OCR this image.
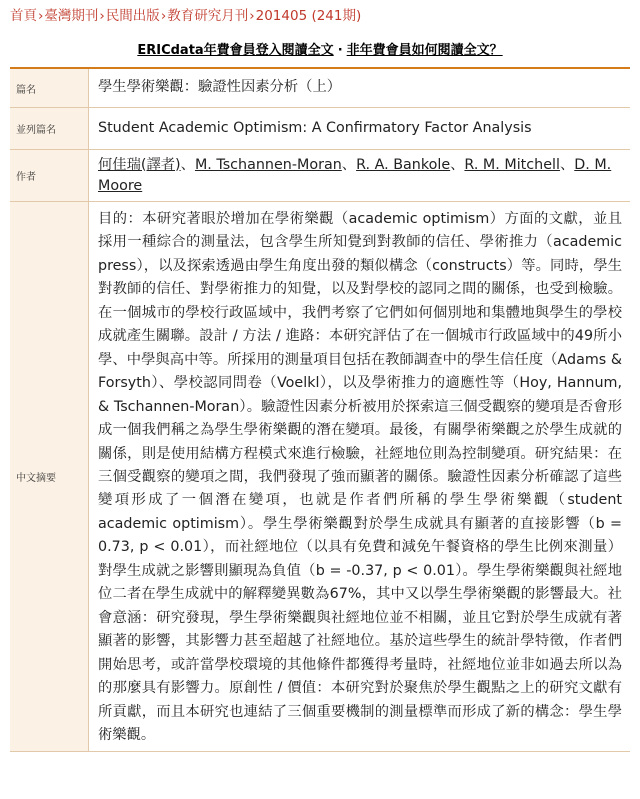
首頁›臺灣期刊›民間出版›教育研究月刊›201405 (241期)
ERICdata年費會員登入閱讀全文 · 非年費會員如何閱讀全文？
篇名	學生學術樂觀：驗證性因素分析（上）
並列篇名	Student Academic Optimism: A Confirmatory Factor Analysis
作者	何佳瑞(譯者)、M. Tschannen-Moran、R. A. Bankole、R. M. Mitchell、D. M. Moore
中文摘要	目的：本研究著眼於增加在學術樂觀（academic optimism）方面的文獻，並且採用一種綜合的測量法，包含學生所知覺到對教師的信任、學術推力（academic press），以及探索透過由學生角度出發的類似構念（constructs）等。同時，學生對教師的信任、對學術推力的知覺，以及對學校的認同之間的關係，也受到檢驗。在一個城市的學校行政區域中，我們考察了它們如何個別地和集體地與學生的學校成就產生關聯。設計 / 方法 / 進路：本研究評估了在一個城市行政區域中的49所小學、中學與高中等。所採用的測量項目包括在教師調查中的學生信任度（Adams & Forsyth）、學校認同問卷（Voelkl），以及學術推力的適應性等（Hoy, Hannum, & Tschannen-Moran）。驗證性因素分析被用於探索這三個受觀察的變項是否會形成一個我們稱之為學生學術樂觀的潛在變項。最後，有關學術樂觀之於學生成就的關係，則是使用結構方程模式來進行檢驗，社經地位則為控制變項。研究結果：在三個受觀察的變項之間，我們發現了強而顯著的關係。驗證性因素分析確認了這些變項形成了一個潛在變項，也就是作者們所稱的學生學術樂觀（student academic optimism）。學生學術樂觀對於學生成就具有顯著的直接影響（b = 0.73, p < 0.01），而社經地位（以具有免費和減免午餐資格的學生比例來測量）對學生成就之影響則顯現為負值（b = -0.37, p < 0.01）。學生學術樂觀與社經地位二者在學生成就中的解釋變異數為67%，其中又以學生學術樂觀的影響最大。社會意涵：研究發現，學生學術樂觀與社經地位並不相關，並且它對於學生成就有著顯著的影響，其影響力甚至超越了社經地位。基於這些學生的統計學特徵，作者們開始思考，或許當學校環境的其他條件都獲得考量時，社經地位並非如過去所以為的那麼具有影響力。原創性 / 價值：本研究對於聚焦於學生觀點之上的研究文獻有所貢獻，而且本研究也連結了三個重要機制的測量標準而形成了新的構念：學生學術樂觀。
